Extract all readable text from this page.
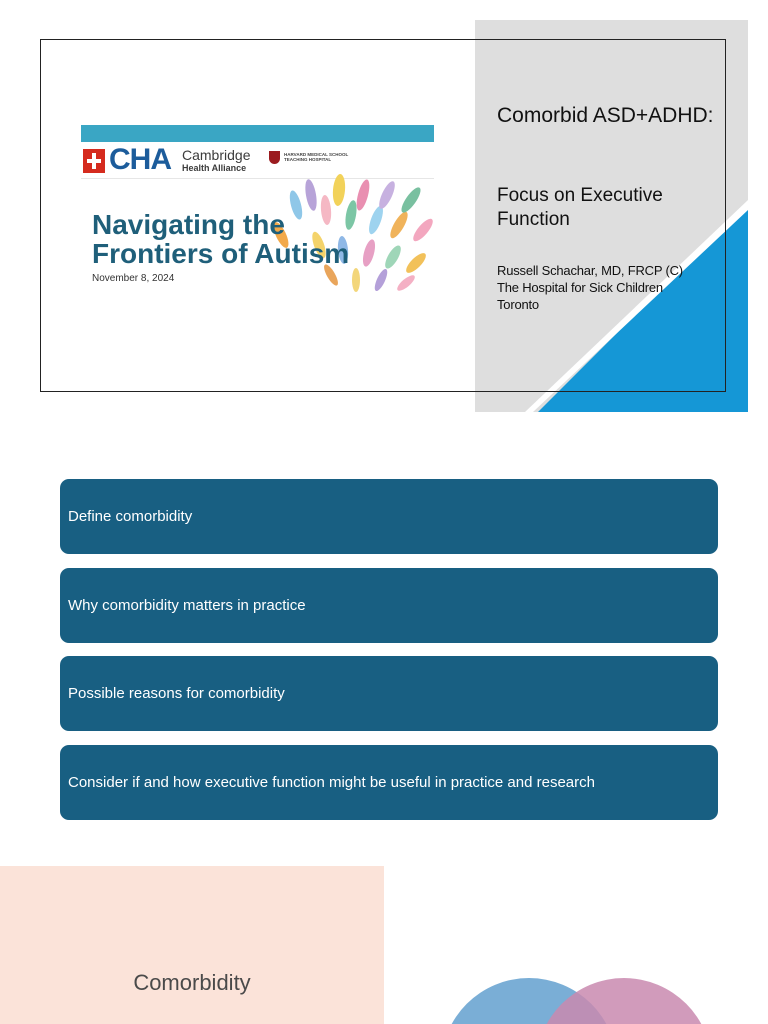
CHA Cambridge
Health Alliance
HARVARD MEDICAL SCHOOL TEACHING HOSPITAL
Navigating the
Frontiers of Autism
November 8, 2024
Comorbid ASD+ADHD:
Focus on Executive Function
Russell Schachar, MD, FRCP (C)
The Hospital for Sick Children
Toronto
Define comorbidity
Why comorbidity matters in practice
Possible reasons for comorbidity
Consider if and how executive function might be useful in practice and research
Comorbidity
